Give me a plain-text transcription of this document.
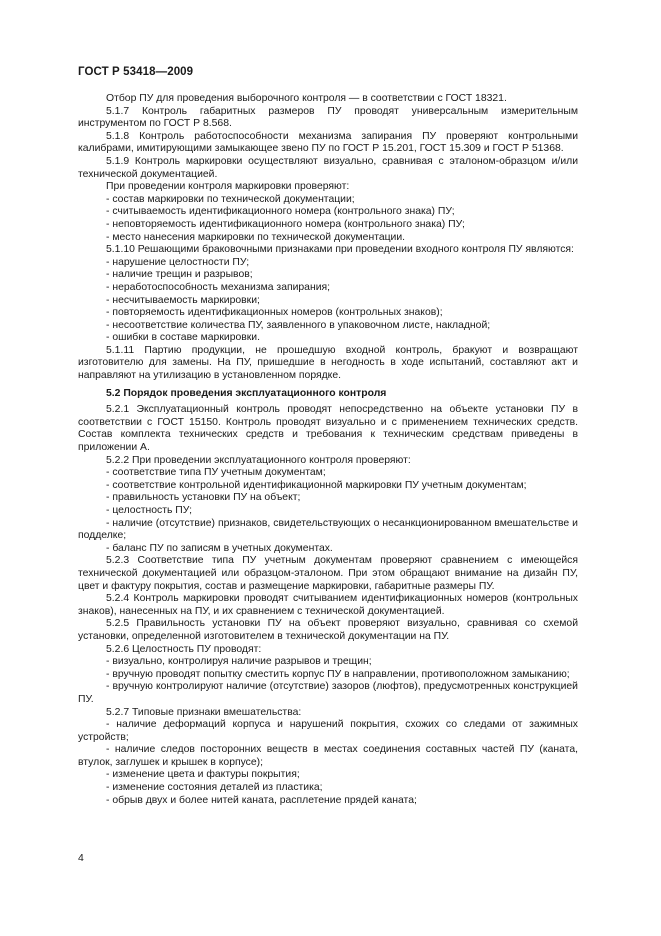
ГОСТ Р 53418—2009

Отбор ПУ для проведения выборочного контроля — в соответствии с ГОСТ 18321.

5.1.7 Контроль габаритных размеров ПУ проводят универсальным измерительным инструментом по ГОСТ Р 8.568.

5.1.8 Контроль работоспособности механизма запирания ПУ проверяют контрольными калибрами, имитирующими замыкающее звено ПУ по ГОСТ Р 15.201, ГОСТ 15.309 и ГОСТ Р 51368.

5.1.9 Контроль маркировки осуществляют визуально, сравнивая с эталоном-образцом и/или технической документацией.

При проведении контроля маркировки проверяют:

- состав маркировки по технической документации;

- считываемость идентификационного номера (контрольного знака) ПУ;

- неповторяемость идентификационного номера (контрольного знака) ПУ;

- место нанесения маркировки по технической документации.

5.1.10 Решающими браковочными признаками при проведении входного контроля ПУ являются:

- нарушение целостности ПУ;

- наличие трещин и разрывов;

- неработоспособность механизма запирания;

- несчитываемость маркировки;

- повторяемость идентификационных номеров (контрольных знаков);

- несоответствие количества ПУ, заявленного в упаковочном листе, накладной;

- ошибки в составе маркировки.

5.1.11 Партию продукции, не прошедшую входной контроль, бракуют и возвращают изготовителю для замены. На ПУ, пришедшие в негодность в ходе испытаний, составляют акт и направляют на утилизацию в установленном порядке.

5.2 Порядок проведения эксплуатационного контроля

5.2.1 Эксплуатационный контроль проводят непосредственно на объекте установки ПУ в соответствии с ГОСТ 15150. Контроль проводят визуально и с применением технических средств. Состав комплекта технических средств и требования к техническим средствам приведены в приложении А.

5.2.2 При проведении эксплуатационного контроля проверяют:

- соответствие типа ПУ учетным документам;

- соответствие контрольной идентификационной маркировки ПУ учетным документам;

- правильность установки ПУ на объект;

- целостность ПУ;

- наличие (отсутствие) признаков, свидетельствующих о несанкционированном вмешательстве и подделке;

- баланс ПУ по записям в учетных документах.

5.2.3 Соответствие типа ПУ учетным документам проверяют сравнением с имеющейся технической документацией или образцом-эталоном. При этом обращают внимание на дизайн ПУ, цвет и фактуру покрытия, состав и размещение маркировки, габаритные размеры ПУ.

5.2.4 Контроль маркировки проводят считыванием идентификационных номеров (контрольных знаков), нанесенных на ПУ, и их сравнением с технической документацией.

5.2.5 Правильность установки ПУ на объект проверяют визуально, сравнивая со схемой установки, определенной изготовителем в технической документации на ПУ.

5.2.6 Целостность ПУ проводят:

- визуально, контролируя наличие разрывов и трещин;

- вручную проводят попытку сместить корпус ПУ в направлении, противоположном замыканию;

- вручную контролируют наличие (отсутствие) зазоров (люфтов), предусмотренных конструкцией ПУ.

5.2.7 Типовые признаки вмешательства:

- наличие деформаций корпуса и нарушений покрытия, схожих со следами от зажимных устройств;

- наличие следов посторонних веществ в местах соединения составных частей ПУ (каната, втулок, заглушек и крышек в корпусе);

- изменение цвета и фактуры покрытия;

- изменение состояния деталей из пластика;

- обрыв двух и более нитей каната, расплетение прядей каната;

4
